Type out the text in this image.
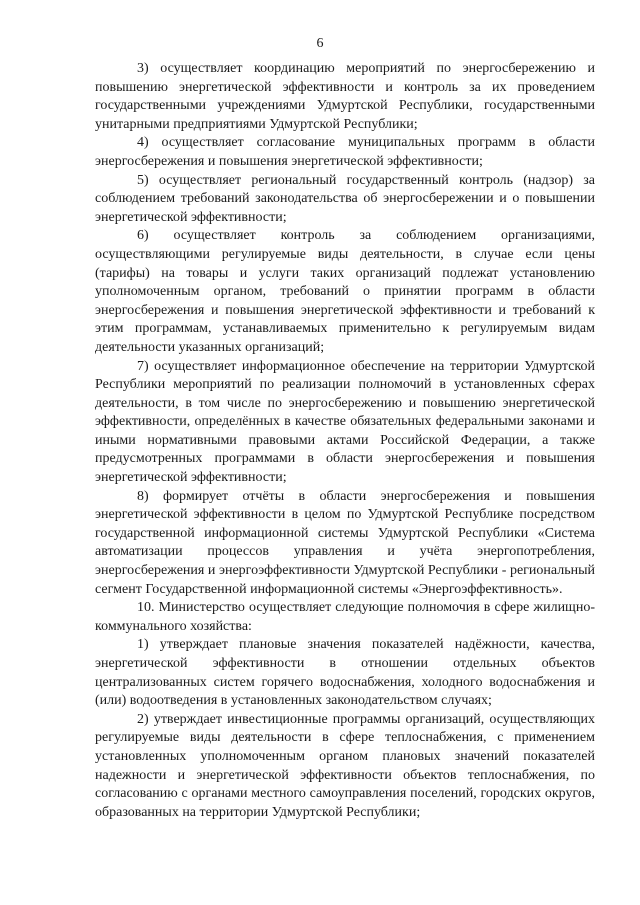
6

3) осуществляет координацию мероприятий по энергосбережению и повышению энергетической эффективности и контроль за их проведением государственными учреждениями Удмуртской Республики, государственными унитарными предприятиями Удмуртской Республики;

4) осуществляет согласование муниципальных программ в области энергосбережения и повышения энергетической эффективности;

5) осуществляет региональный государственный контроль (надзор) за соблюдением требований законодательства об энергосбережении и о повышении энергетической эффективности;

6) осуществляет контроль за соблюдением организациями, осуществляющими регулируемые виды деятельности, в случае если цены (тарифы) на товары и услуги таких организаций подлежат установлению уполномоченным органом, требований о принятии программ в области энергосбережения и повышения энергетической эффективности и требований к этим программам, устанавливаемых применительно к регулируемым видам деятельности указанных организаций;

7) осуществляет информационное обеспечение на территории Удмуртской Республики мероприятий по реализации полномочий в установленных сферах деятельности, в том числе по энергосбережению и повышению энергетической эффективности, определённых в качестве обязательных федеральными законами и иными нормативными правовыми актами Российской Федерации, а также предусмотренных программами в области энергосбережения и повышения энергетической эффективности;

8) формирует отчёты в области энергосбережения и повышения энергетической эффективности в целом по Удмуртской Республике посредством государственной информационной системы Удмуртской Республики «Система автоматизации процессов управления и учёта энергопотребления, энергосбережения и энергоэффективности Удмуртской Республики - региональный сегмент Государственной информационной системы «Энергоэффективность».

10. Министерство осуществляет следующие полномочия в сфере жилищно-коммунального хозяйства:

1) утверждает плановые значения показателей надёжности, качества, энергетической эффективности в отношении отдельных объектов централизованных систем горячего водоснабжения, холодного водоснабжения и (или) водоотведения в установленных законодательством случаях;

2) утверждает инвестиционные программы организаций, осуществляющих регулируемые виды деятельности в сфере теплоснабжения, с применением установленных уполномоченным органом плановых значений показателей надежности и энергетической эффективности объектов теплоснабжения, по согласованию с органами местного самоуправления поселений, городских округов, образованных на территории Удмуртской Республики;
